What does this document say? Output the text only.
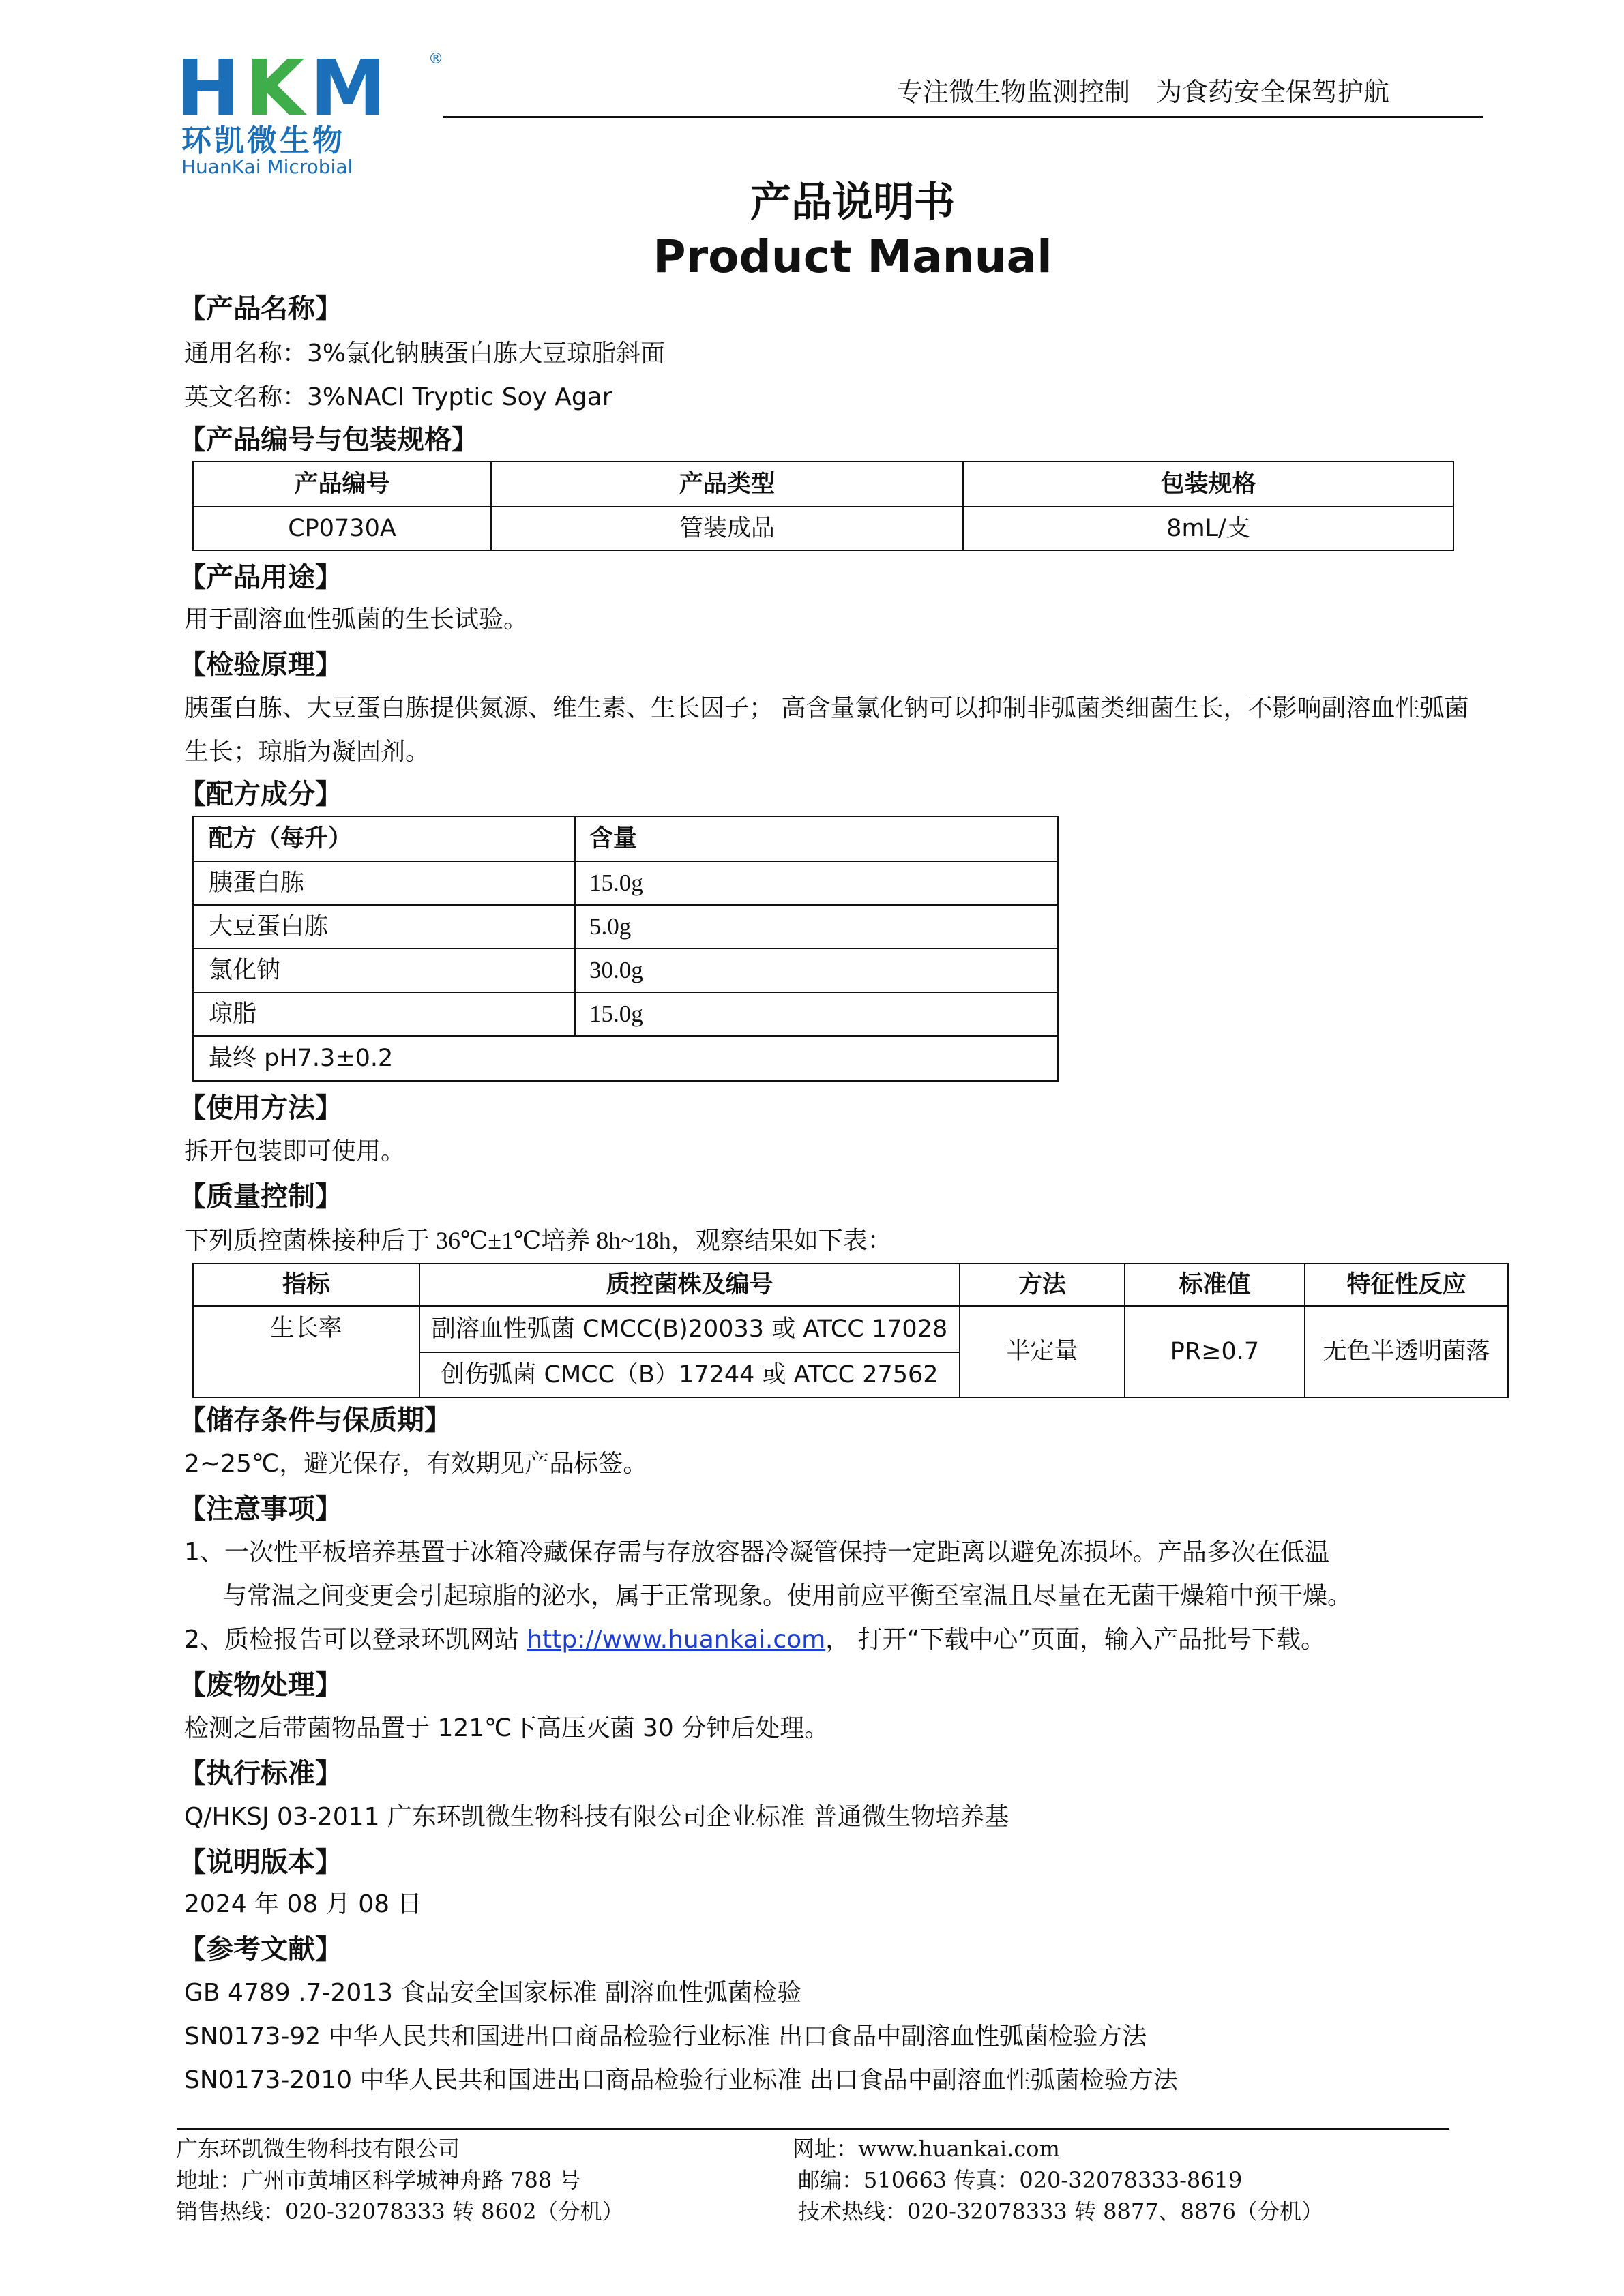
HKM ®
环凯微生物
HuanKai Microbial
专注微生物监测控制　为食药安全保驾护航
产品说明书
Product Manual
【产品名称】
通用名称：3%氯化钠胰蛋白胨大豆琼脂斜面
英文名称：3%NACl Tryptic Soy Agar
【产品编号与包装规格】
产品编号	产品类型	包装规格
CP0730A	管装成品	8mL/支
【产品用途】
用于副溶血性弧菌的生长试验。
【检验原理】
胰蛋白胨、大豆蛋白胨提供氮源、维生素、生长因子； 高含量氯化钠可以抑制非弧菌类细菌生长，不影响副溶血性弧菌
生长；琼脂为凝固剂。
【配方成分】
配方（每升）	含量
胰蛋白胨	15.0g
大豆蛋白胨	5.0g
氯化钠	30.0g
琼脂	15.0g
最终 pH7.3±0.2	
【使用方法】
拆开包装即可使用。
【质量控制】
下列质控菌株接种后于 36℃±1℃培养 8h~18h，观察结果如下表：
指标	质控菌株及编号	方法	标准值	特征性反应
生长率	副溶血性弧菌 CMCC(B)20033 或 ATCC 17028	半定量	PR≥0.7	无色半透明菌落
	创伤弧菌 CMCC（B）17244 或 ATCC 27562			
【储存条件与保质期】
2~25℃，避光保存，有效期见产品标签。
【注意事项】
1、一次性平板培养基置于冰箱冷藏保存需与存放容器冷凝管保持一定距离以避免冻损坏。产品多次在低温
与常温之间变更会引起琼脂的泌水，属于正常现象。使用前应平衡至室温且尽量在无菌干燥箱中预干燥。
2、质检报告可以登录环凯网站 http://www.huankai.com， 打开“下载中心”页面，输入产品批号下载。
【废物处理】
检测之后带菌物品置于 121℃下高压灭菌 30 分钟后处理。
【执行标准】
Q/HKSJ 03-2011 广东环凯微生物科技有限公司企业标准 普通微生物培养基
【说明版本】
2024 年 08 月 08 日
【参考文献】
GB 4789 .7-2013 食品安全国家标准 副溶血性弧菌检验
SN0173-92 中华人民共和国进出口商品检验行业标准 出口食品中副溶血性弧菌检验方法
SN0173-2010 中华人民共和国进出口商品检验行业标准 出口食品中副溶血性弧菌检验方法
广东环凯微生物科技有限公司	网址：www.huankai.com
地址：广州市黄埔区科学城神舟路 788 号	邮编：510663 传真：020-32078333-8619
销售热线：020-32078333 转 8602（分机）	技术热线：020-32078333 转 8877、8876（分机）
